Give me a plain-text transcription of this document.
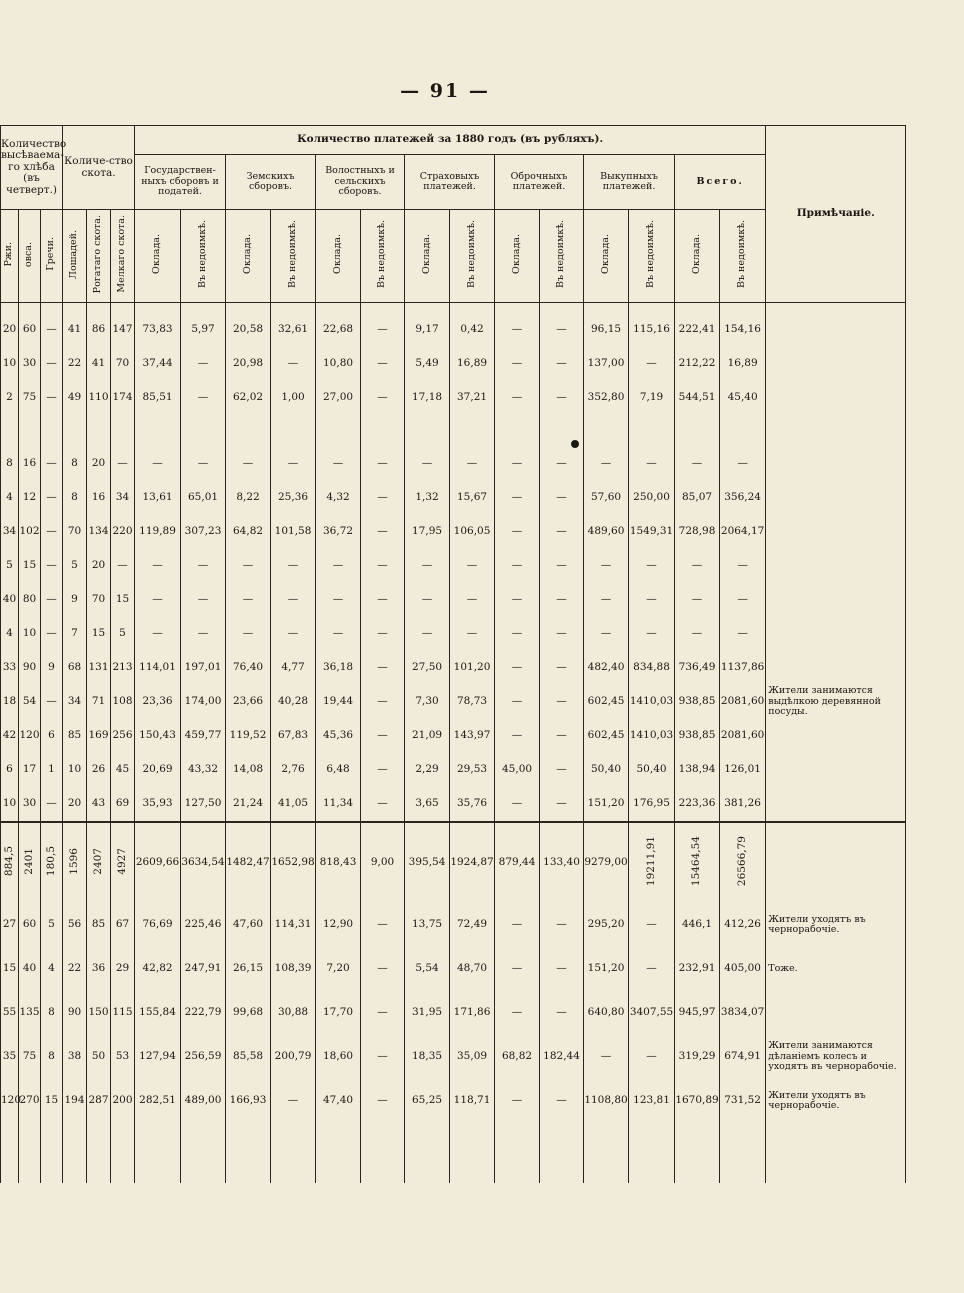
— 91 —
Количество высѣваема-го хлѣба (въ четверт.)			Количе-ство скота.			Количество платежей за 1880 годъ (въ рубляхъ).														Примѣчаніе.
						Государствен-ныхъ сборовъ и податей.		Земскихъ сборовъ.		Волостныхъ и сельскихъ сборовъ.		Страховыхъ платежей.		Оброчныхъ платежей.		Выкупныхъ платежей.		Всего.		
Ржи.	овса.	Гречи.	Лошадей.	Рогатаго скота.	Мелкаго скота.	Оклада.	Въ недоимкѣ.	Оклада.	Въ недоимкѣ.	Оклада.	Въ недоимкѣ.	Оклада.	Въ недоимкѣ.	Оклада.	Въ недоимкѣ.	Оклада.	Въ недоимкѣ.	Оклада.	Въ недоимкѣ.	

20	60	—	41	86	147	73,83	5,97	20,58	32,61	22,68	—	9,17	0,42	—	—	96,15	115,16	222,41	154,16	
10	30	—	22	41	70	37,44	—	20,98	—	10,80	—	5,49	16,89	—	—	137,00	—	212,22	16,89	
2	75	—	49	110	174	85,51	—	62,02	1,00	27,00	—	17,18	37,21	—	—	352,80	7,19	544,51	45,40	

8	16	—	8	20	—	—	—	—	—	—	—	—	—	—	—	—	—	—	—	
4	12	—	8	16	34	13,61	65,01	8,22	25,36	4,32	—	1,32	15,67	—	—	57,60	250,00	85,07	356,24	
34	102	—	70	134	220	119,89	307,23	64,82	101,58	36,72	—	17,95	106,05	—	—	489,60	1549,31	728,98	2064,17	
5	15	—	5	20	—	—	—	—	—	—	—	—	—	—	—	—	—	—	—	
40	80	—	9	70	15	—	—	—	—	—	—	—	—	—	—	—	—	—	—	
4	10	—	7	15	5	—	—	—	—	—	—	—	—	—	—	—	—	—	—	
33	90	9	68	131	213	114,01	197,01	76,40	4,77	36,18	—	27,50	101,20	—	—	482,40	834,88	736,49	1137,86	
18	54	—	34	71	108	23,36	174,00	23,66	40,28	19,44	—	7,30	78,73	—	—	602,45	1410,03	938,85	2081,60	Жители занимаются выдѣлкою деревянной посуды.
42	120	6	85	169	256	150,43	459,77	119,52	67,83	45,36	—	21,09	143,97	—	—	602,45	1410,03	938,85	2081,60	
6	17	1	10	26	45	20,69	43,32	14,08	2,76	6,48	—	2,29	29,53	45,00	—	50,40	50,40	138,94	126,01	
10	30	—	20	43	69	35,93	127,50	21,24	41,05	11,34	—	3,65	35,76	—	—	151,20	176,95	223,36	381,26	
884,5	2401	180,5	1596	2407	4927	2609,66	3634,54	1482,47	1652,98	818,43	9,00	395,54	1924,87	879,44	133,40	9279,00	19211,91	15464,54	26566,79	
27	60	5	56	85	67	76,69	225,46	47,60	114,31	12,90	—	13,75	72,49	—	—	295,20	—	446,1	412,26	Жители уходятъ въ чернорабочіе.
15	40	4	22	36	29	42,82	247,91	26,15	108,39	7,20	—	5,54	48,70	—	—	151,20	—	232,91	405,00	Тоже.
55	135	8	90	150	115	155,84	222,79	99,68	30,88	17,70	—	31,95	171,86	—	—	640,80	3407,55	945,97	3834,07	
35	75	8	38	50	53	127,94	256,59	85,58	200,79	18,60	—	18,35	35,09	68,82	182,44	—	—	319,29	674,91	Жители занимаются дѣланіемъ колесъ и уходятъ въ чернорабочіе.
120	270	15	194	287	200	282,51	489,00	166,93	—	47,40	—	65,25	118,71	—	—	1108,80	123,81	1670,89	731,52	Жители уходятъ въ чернорабочіе.
